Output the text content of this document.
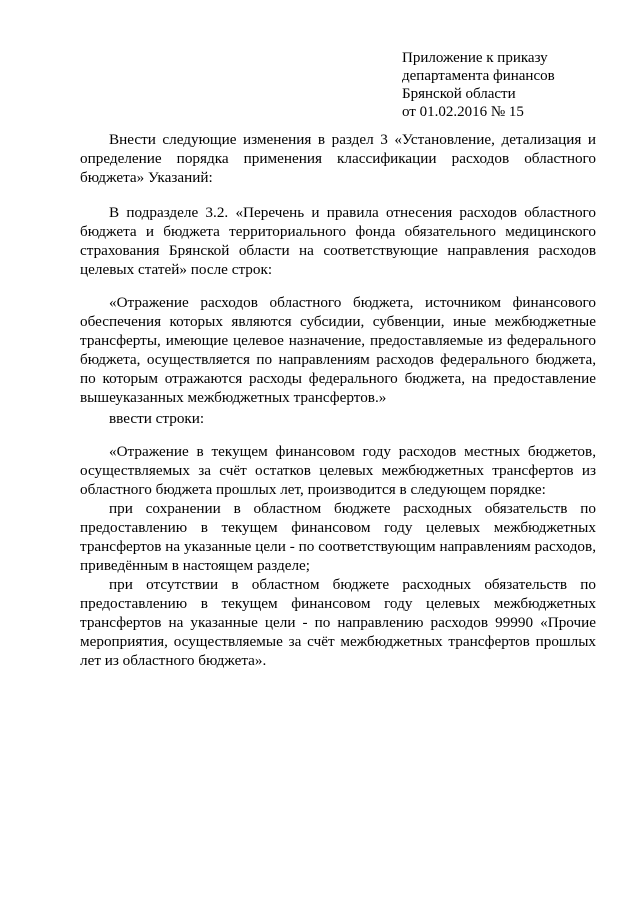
Приложение к приказу
департамента финансов
Брянской области
от 01.02.2016 № 15

Внести следующие изменения в раздел 3 «Установление, детализация и определение порядка применения классификации расходов областного бюджета» Указаний:

В подразделе 3.2. «Перечень и правила отнесения расходов областного бюджета и бюджета территориального фонда обязательного медицинского страхования Брянской области на соответствующие направления расходов целевых статей» после строк:

«Отражение расходов областного бюджета, источником финансового обеспечения которых являются субсидии, субвенции, иные межбюджетные трансферты, имеющие целевое назначение, предоставляемые из федерального бюджета, осуществляется по направлениям расходов федерального бюджета, по которым отражаются расходы федерального бюджета, на предоставление вышеуказанных межбюджетных трансфертов.»

ввести строки:

«Отражение в текущем финансовом году расходов местных бюджетов, осуществляемых за счёт остатков целевых межбюджетных трансфертов из областного бюджета прошлых лет, производится в следующем порядке:
при сохранении в областном бюджете расходных обязательств по предоставлению в текущем финансовом году целевых межбюджетных трансфертов на указанные цели - по соответствующим направлениям расходов, приведённым в настоящем разделе;
при отсутствии в областном бюджете расходных обязательств по предоставлению в текущем финансовом году целевых межбюджетных трансфертов на указанные цели - по направлению расходов 99990 «Прочие мероприятия, осуществляемые за счёт межбюджетных трансфертов прошлых лет из областного бюджета».
